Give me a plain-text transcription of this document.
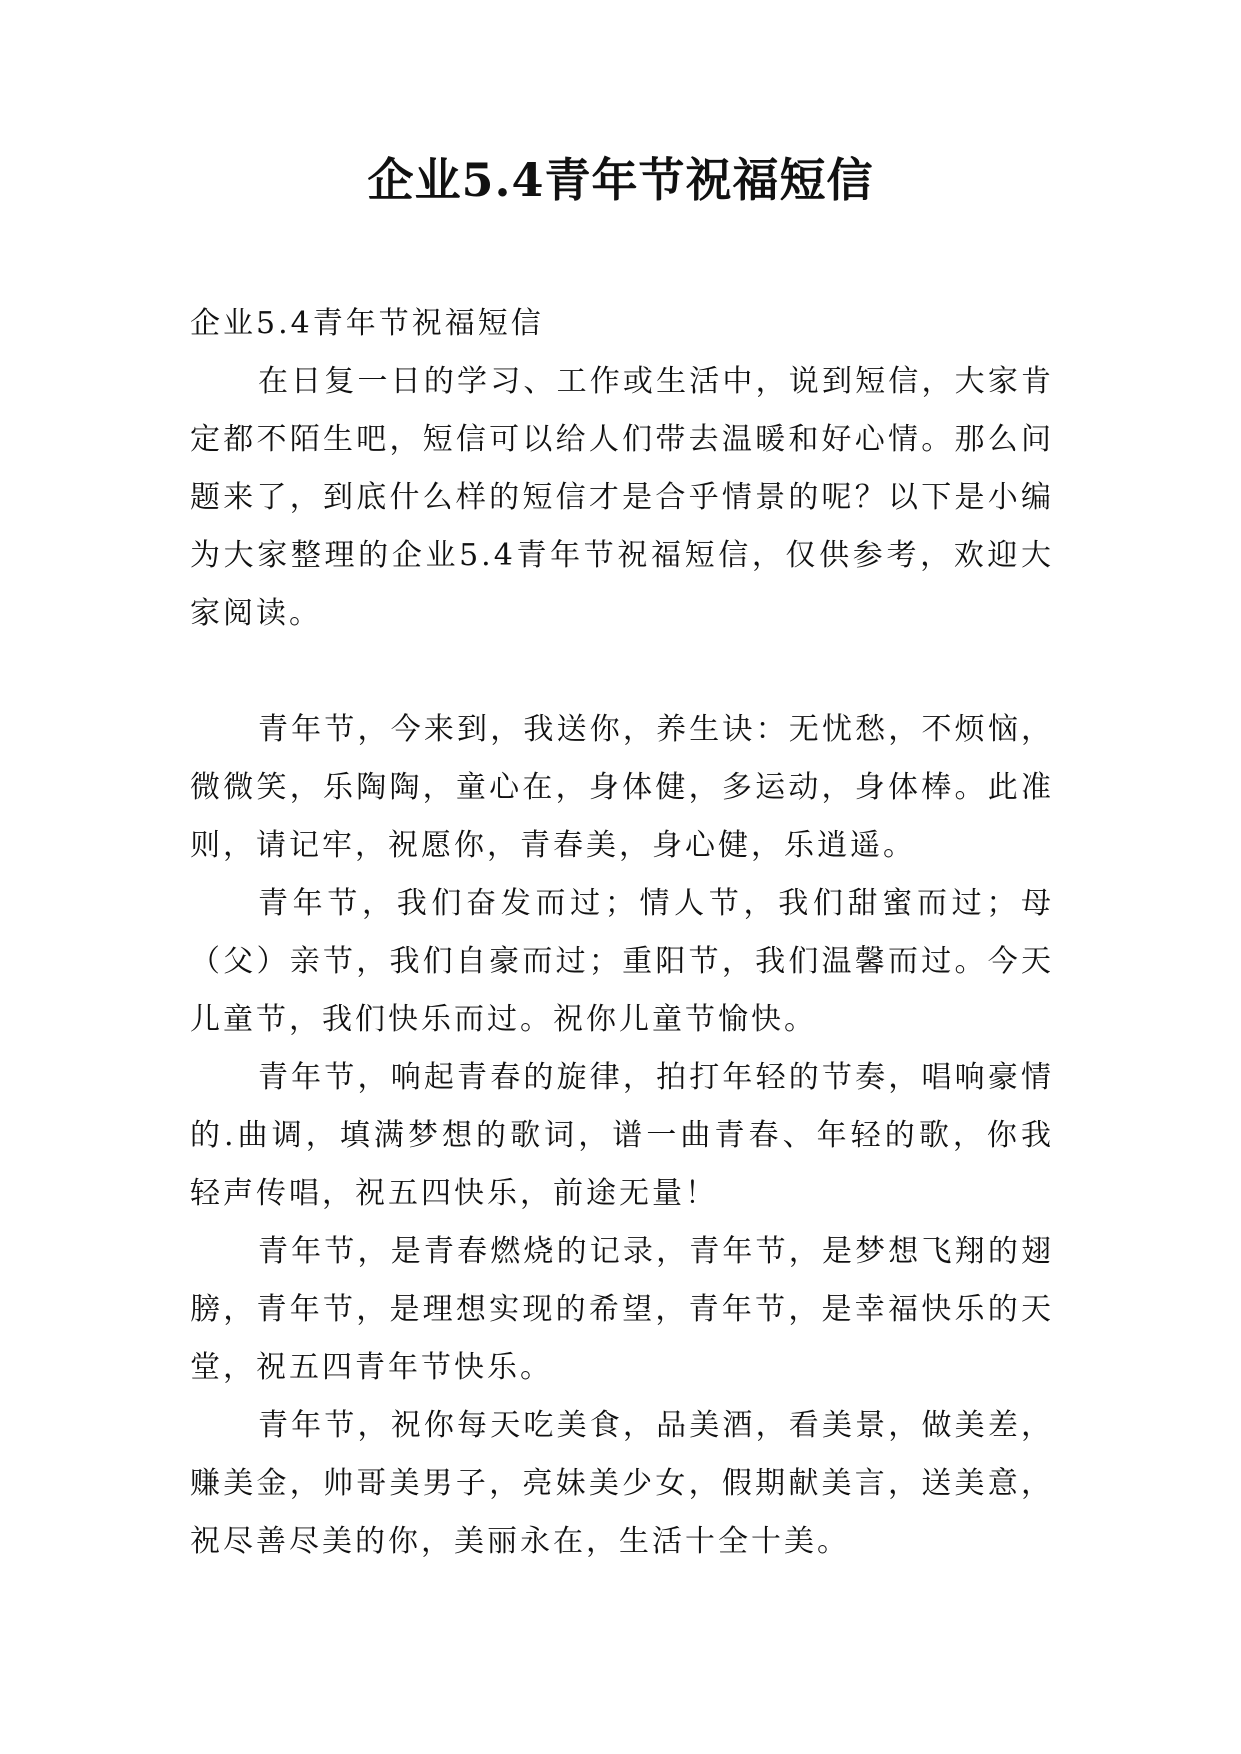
企业5.4青年节祝福短信

企业5.4青年节祝福短信

在日复一日的学习、工作或生活中，说到短信，大家肯定都不陌生吧，短信可以给人们带去温暖和好心情。那么问题来了，到底什么样的短信才是合乎情景的呢？以下是小编为大家整理的企业5.4青年节祝福短信，仅供参考，欢迎大家阅读。

青年节，今来到，我送你，养生诀：无忧愁，不烦恼，微微笑，乐陶陶，童心在，身体健，多运动，身体棒。此准则，请记牢，祝愿你，青春美，身心健，乐逍遥。

青年节，我们奋发而过；情人节，我们甜蜜而过；母（父）亲节，我们自豪而过；重阳节，我们温馨而过。今天儿童节，我们快乐而过。祝你儿童节愉快。

青年节，响起青春的旋律，拍打年轻的节奏，唱响豪情的.曲调，填满梦想的歌词，谱一曲青春、年轻的歌，你我轻声传唱，祝五四快乐，前途无量！

青年节，是青春燃烧的记录，青年节，是梦想飞翔的翅膀，青年节，是理想实现的希望，青年节，是幸福快乐的天堂，祝五四青年节快乐。

青年节，祝你每天吃美食，品美酒，看美景，做美差，赚美金，帅哥美男子，亮妹美少女，假期献美言，送美意，祝尽善尽美的你，美丽永在，生活十全十美。
